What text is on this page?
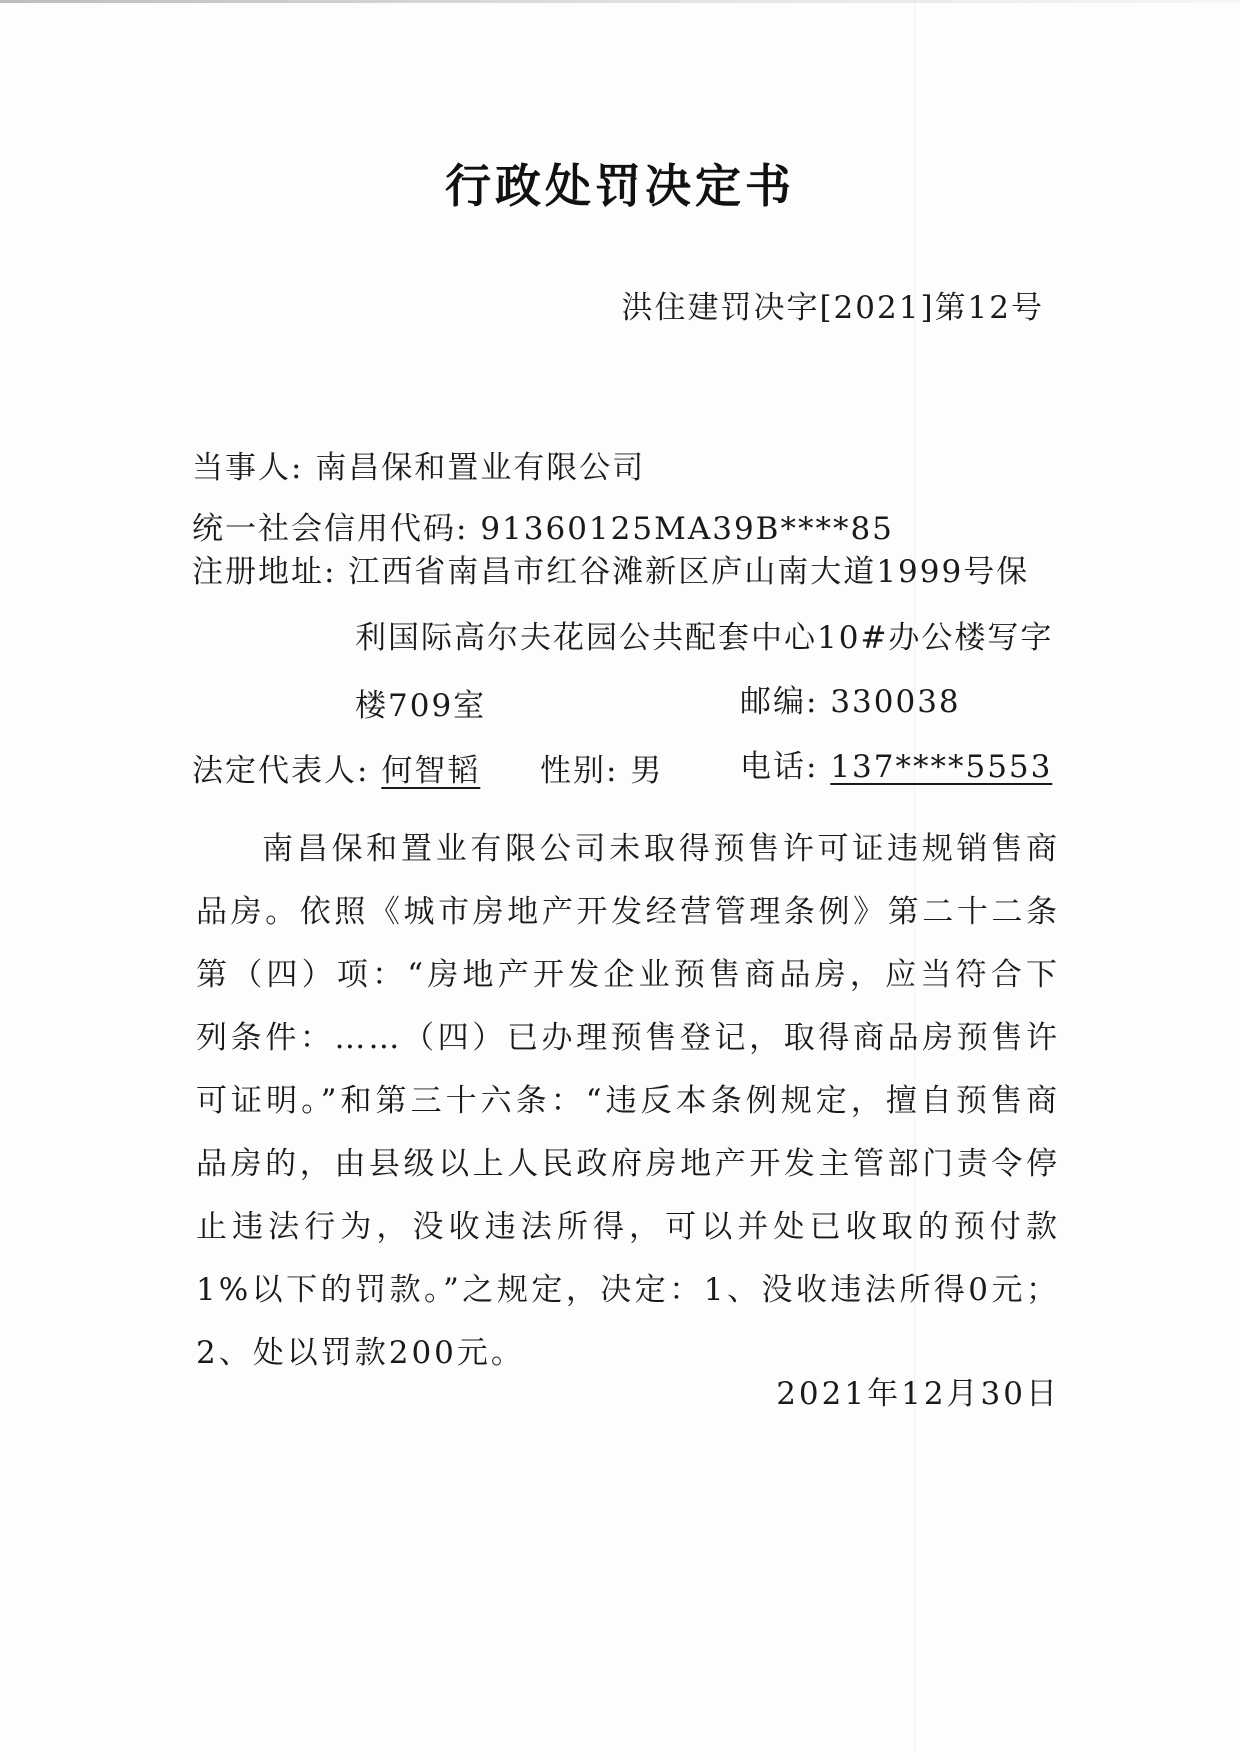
行政处罚决定书
洪住建罚决字[2021]第12号
当事人: 南昌保和置业有限公司
统一社会信用代码: 91360125MA39B****85
注册地址: 江西省南昌市红谷滩新区庐山南大道1999号保
利国际高尔夫花园公共配套中心10#办公楼写字
楼709室	邮编: 330038
法定代表人: 何智韬 性别: 男 电话: 137****5553
南昌保和置业有限公司未取得预售许可证违规销售商品房。依照《城市房地产开发经营管理条例》第二十二条第（四）项：“房地产开发企业预售商品房，应当符合下列条件：……（四）已办理预售登记，取得商品房预售许可证明。”和第三十六条：“违反本条例规定，擅自预售商品房的，由县级以上人民政府房地产开发主管部门责令停止违法行为，没收违法所得，可以并处已收取的预付款1%以下的罚款。”之规定，决定：1、没收违法所得0元；2、处以罚款200元。
2021年12月30日
